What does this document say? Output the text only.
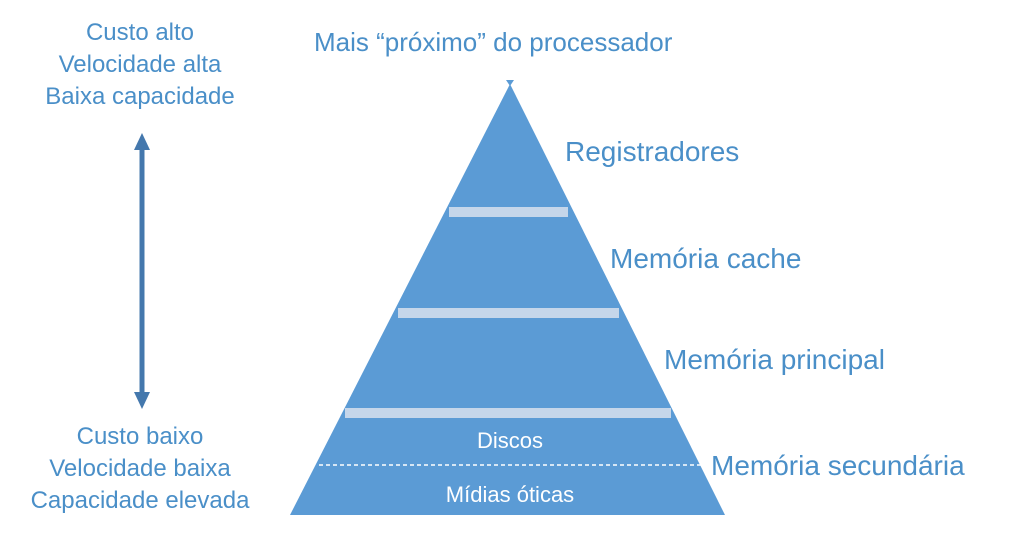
Mais “próximo” do processador
Custo alto
Velocidade alta
Baixa capacidade
Custo baixo
Velocidade baixa
Capacidade elevada
Registradores
Memória cache
Memória principal
Memória secundária
Discos
Mídias óticas
